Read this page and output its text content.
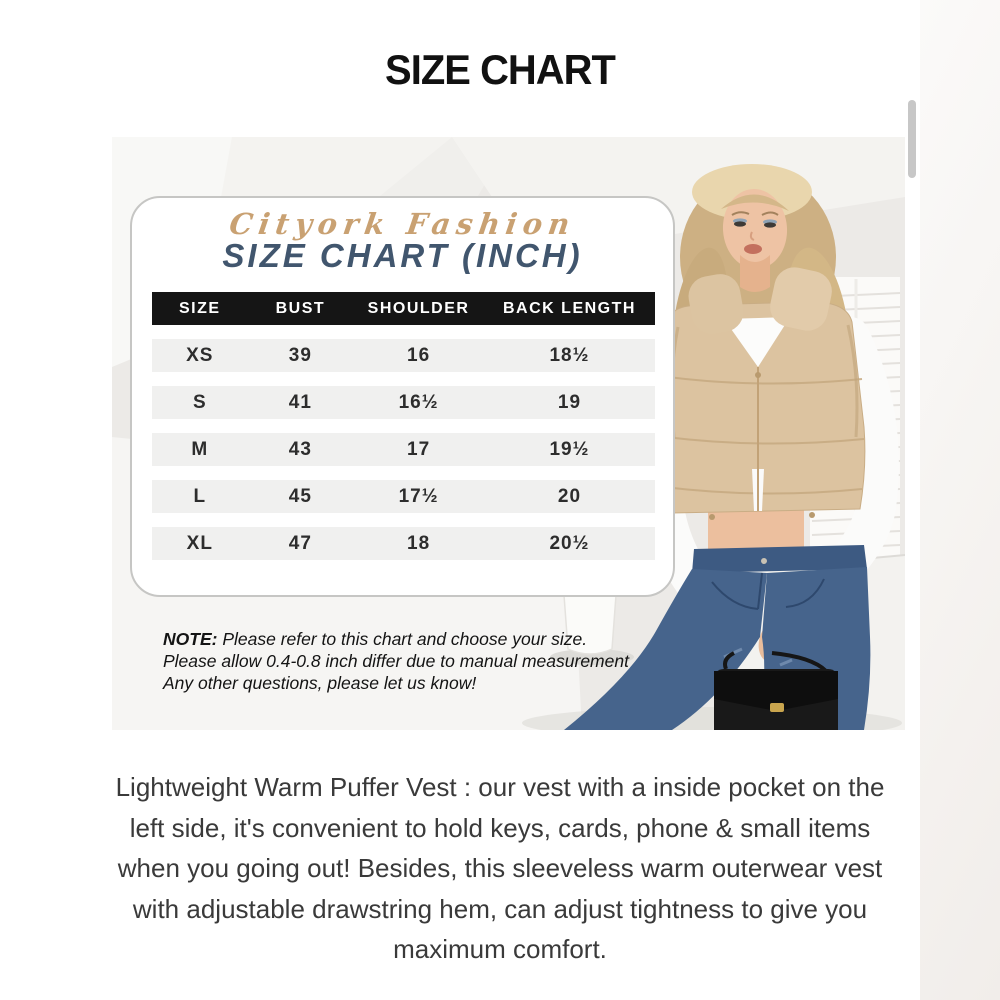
SIZE CHART
NOTE: Please refer to this chart and choose your size.
Please allow 0.4-0.8 inch differ due to manual measurement
Any other questions, please let us know!
Cityork Fashion
SIZE CHART (INCH)
SIZE	BUST	SHOULDER	BACK LENGTH
XS	39	16	18½
S	41	16½	19
M	43	17	19½
L	45	17½	20
XL	47	18	20½
Lightweight Warm Puffer Vest : our vest with a inside pocket on the left side, it's convenient to hold keys, cards, phone & small items when you going out! Besides, this sleeveless warm outerwear vest with adjustable drawstring hem, can adjust tightness to give you maximum comfort.
